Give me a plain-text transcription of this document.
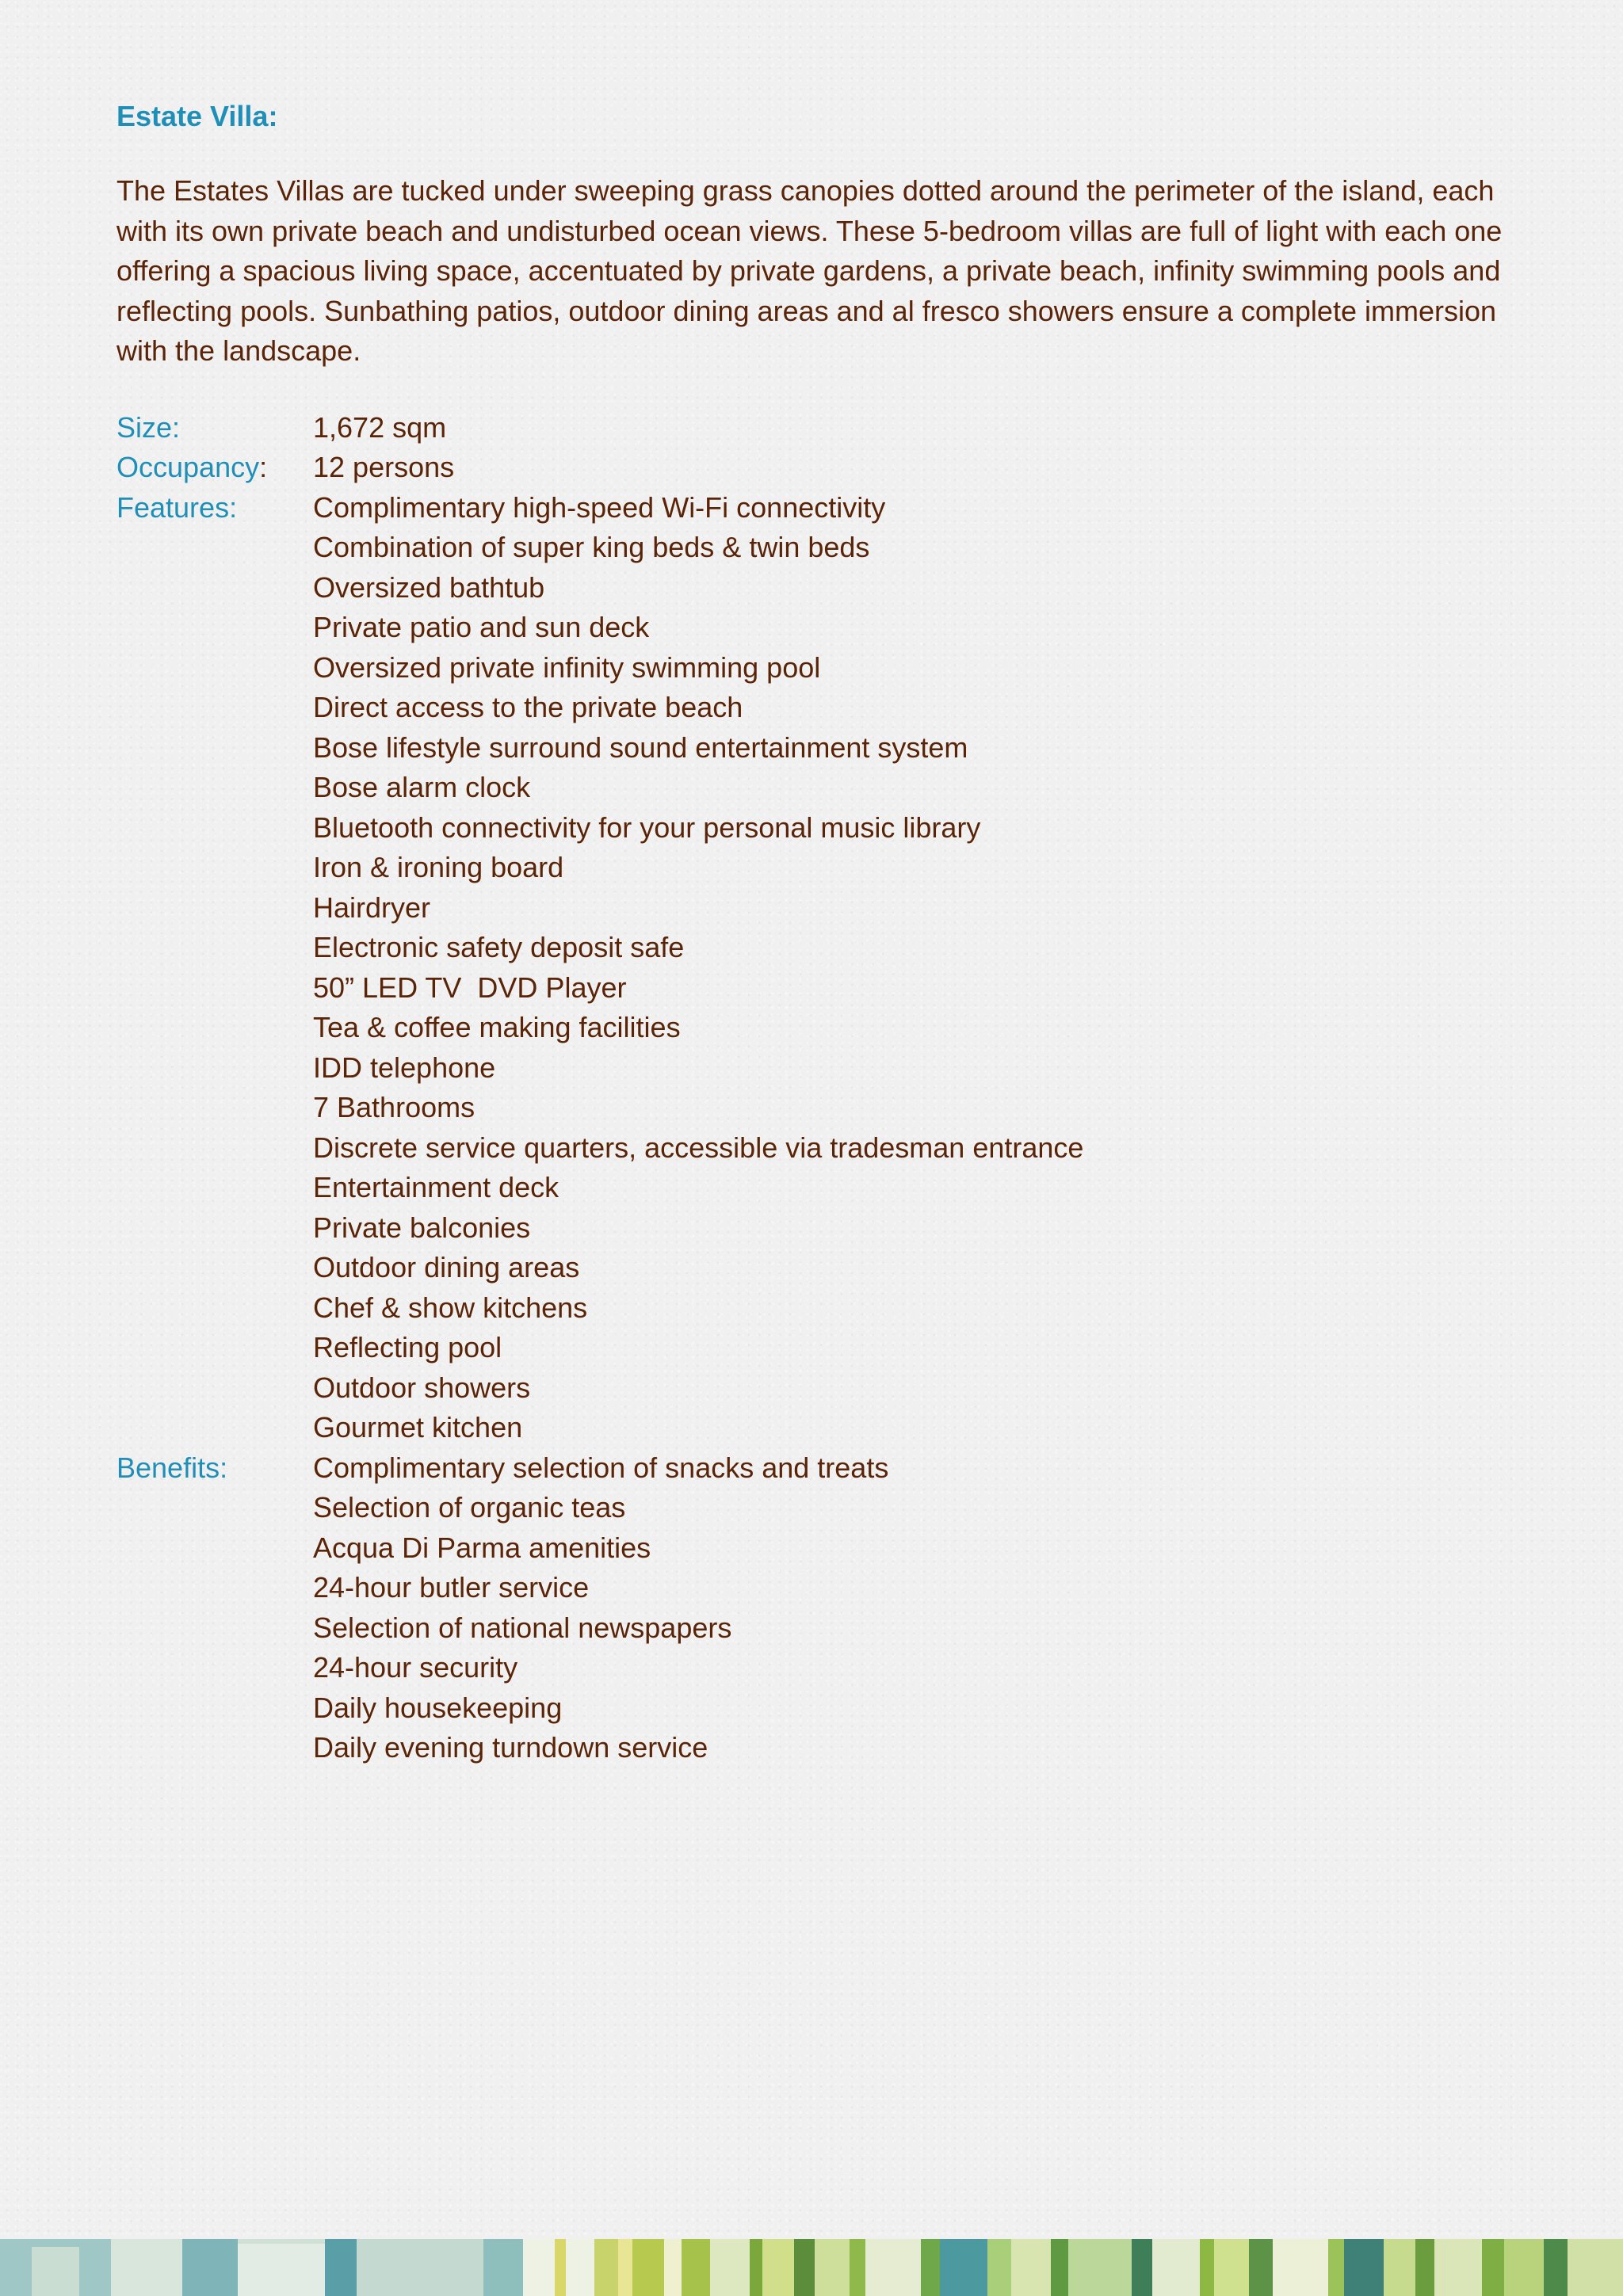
Estate Villa:

The Estates Villas are tucked under sweeping grass canopies dotted around the perimeter of the island, each with its own private beach and undisturbed ocean views. These 5-bedroom villas are full of light with each one offering a spacious living space, accentuated by private gardens, a private beach, infinity swimming pools and reflecting pools. Sunbathing patios, outdoor dining areas and al fresco showers ensure a complete immersion with the landscape.

Size:	1,672 sqm
Occupancy:	12 persons
Features:	Complimentary high-speed Wi-Fi connectivity
Combination of super king beds & twin beds
Oversized bathtub
Private patio and sun deck
Oversized private infinity swimming pool
Direct access to the private beach
Bose lifestyle surround sound entertainment system
Bose alarm clock
Bluetooth connectivity for your personal music library
Iron & ironing board
Hairdryer
Electronic safety deposit safe
50” LED TV  DVD Player
Tea & coffee making facilities
IDD telephone
7 Bathrooms
Discrete service quarters, accessible via tradesman entrance
Entertainment deck
Private balconies
Outdoor dining areas
Chef & show kitchens
Reflecting pool
Outdoor showers
Gourmet kitchen
Benefits:	Complimentary selection of snacks and treats
Selection of organic teas
Acqua Di Parma amenities
24-hour butler service
Selection of national newspapers
24-hour security
Daily housekeeping
Daily evening turndown service
